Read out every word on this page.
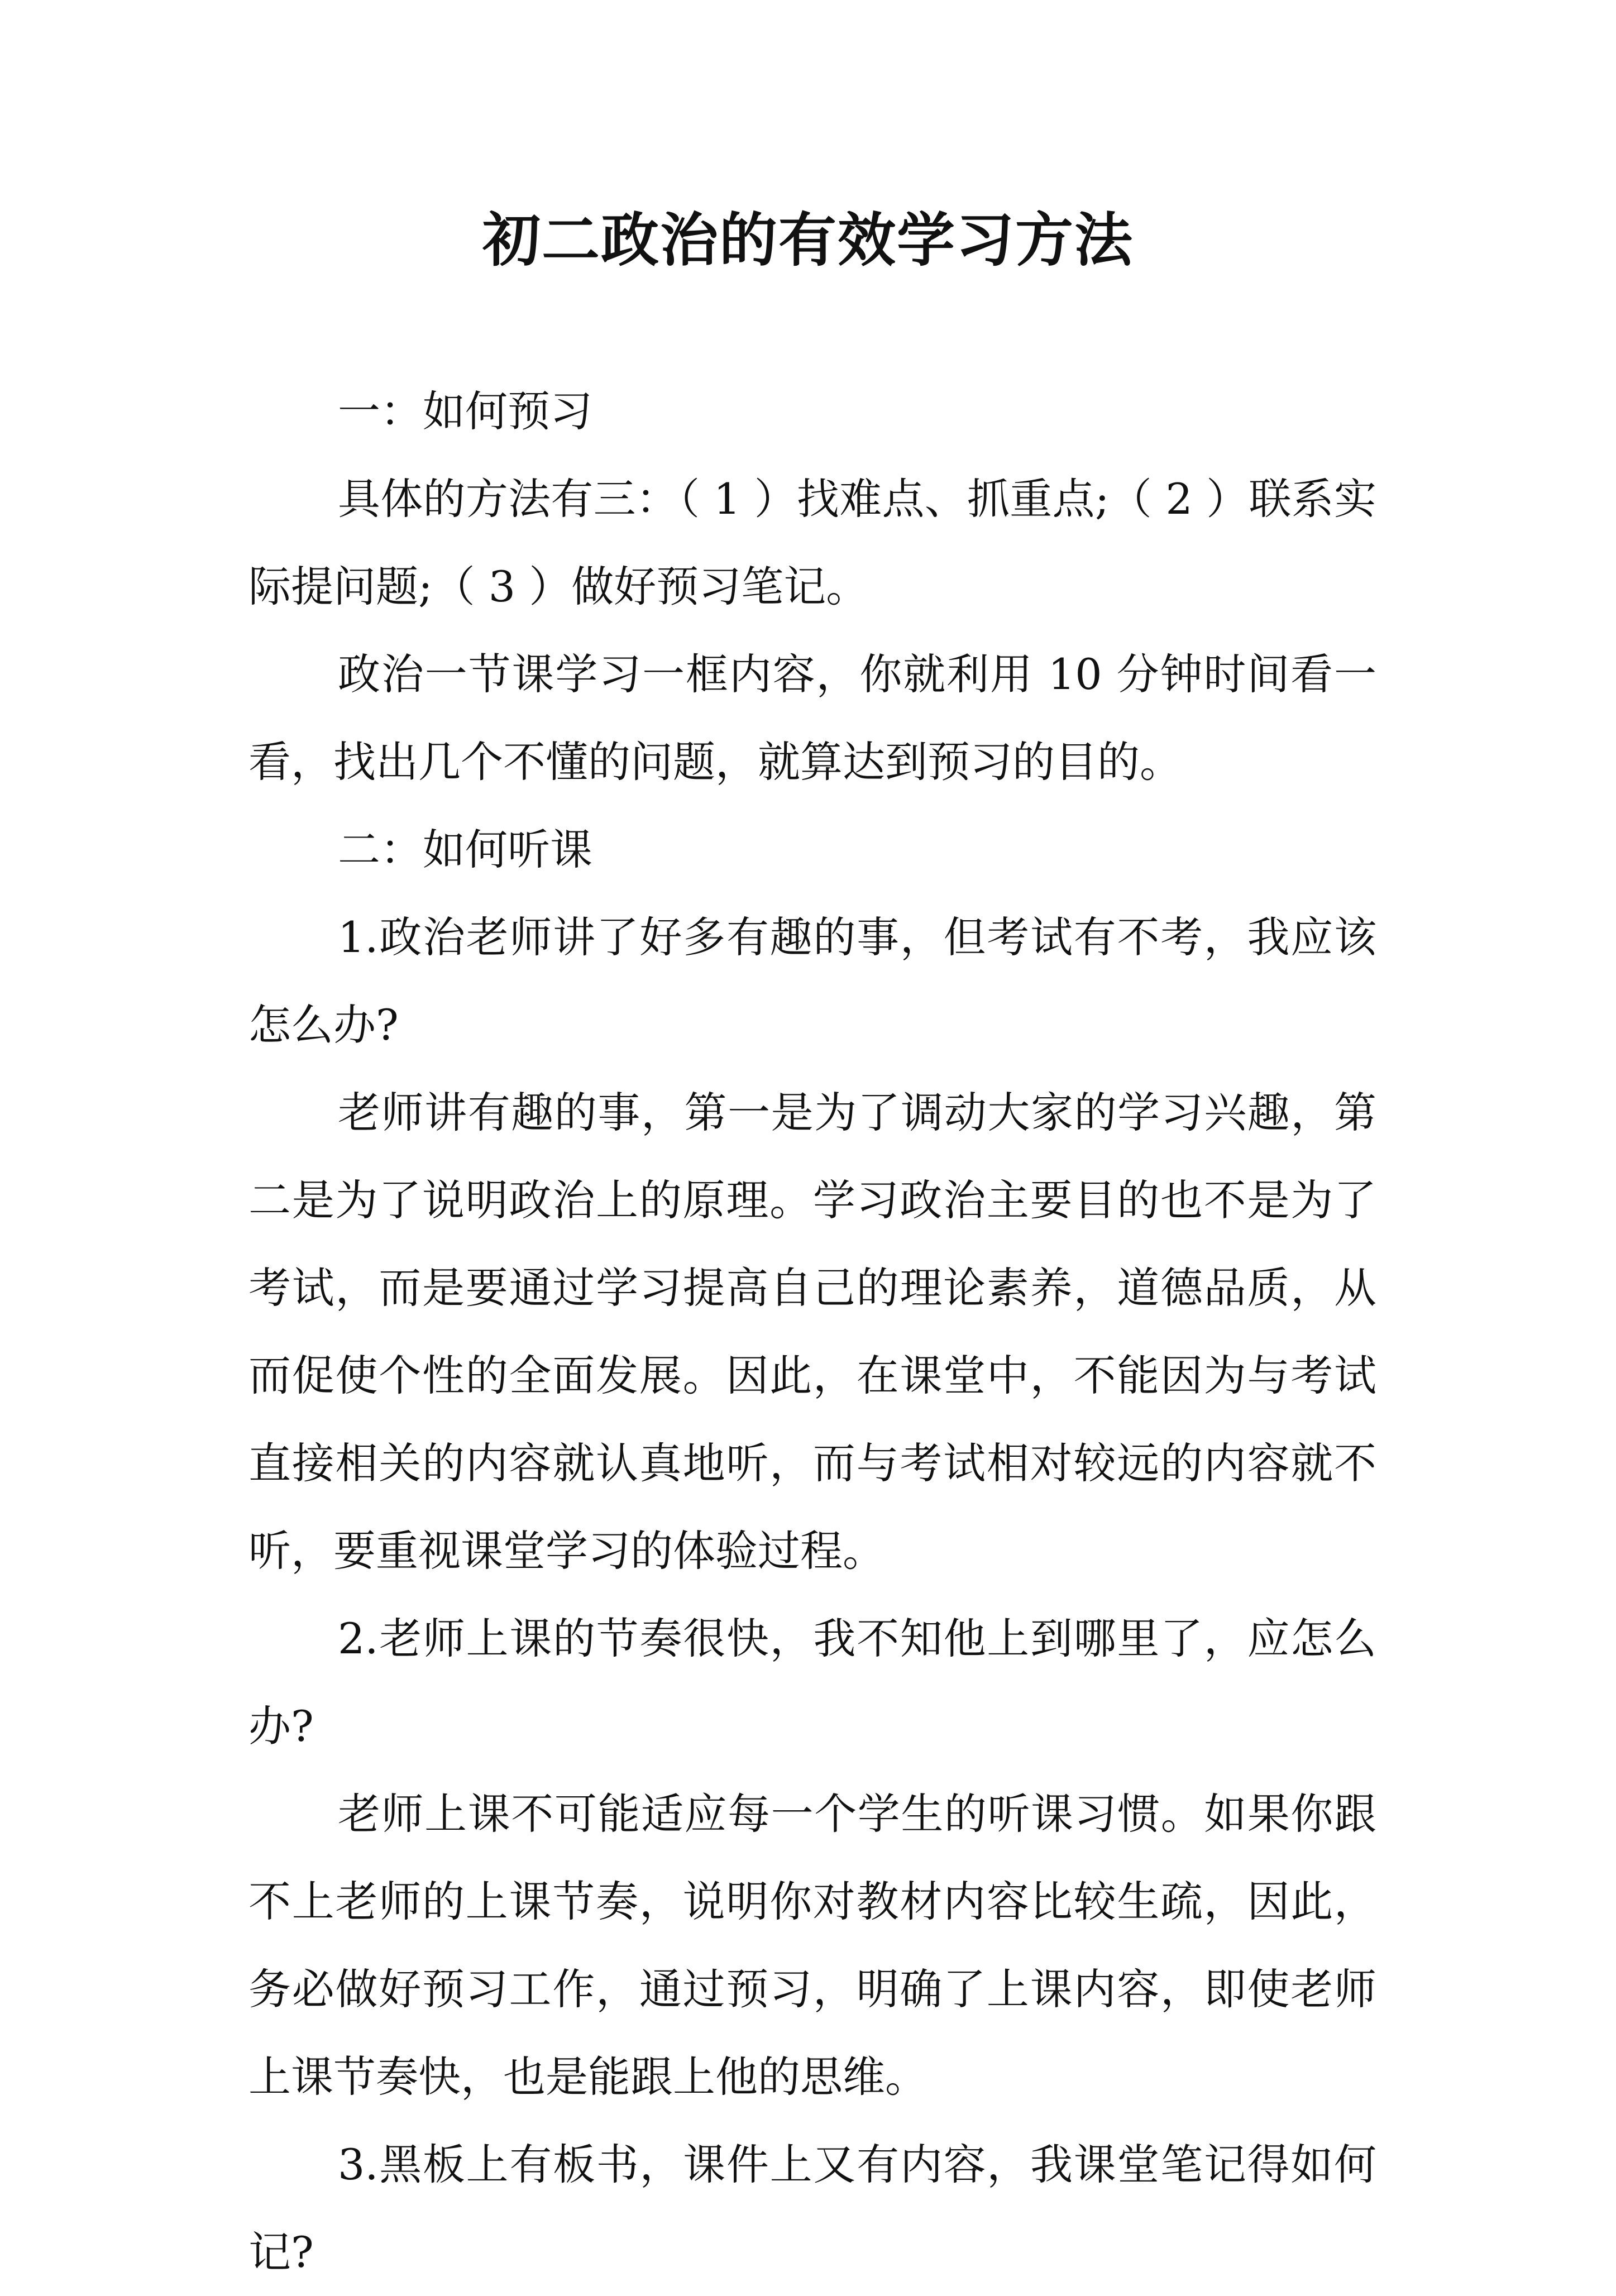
初二政治的有效学习方法

一：如何预习

具体的方法有三：（ 1 ）找难点、抓重点;（ 2 ）联系实际提问题;（ 3 ）做好预习笔记。

政治一节课学习一框内容，你就利用 10 分钟时间看一看，找出几个不懂的问题，就算达到预习的目的。

二：如何听课

1.政治老师讲了好多有趣的事，但考试有不考，我应该怎么办?

老师讲有趣的事，第一是为了调动大家的学习兴趣，第二是为了说明政治上的原理。学习政治主要目的也不是为了考试，而是要通过学习提高自己的理论素养，道德品质，从而促使个性的全面发展。因此，在课堂中，不能因为与考试直接相关的内容就认真地听，而与考试相对较远的内容就不听，要重视课堂学习的体验过程。

2.老师上课的节奏很快，我不知他上到哪里了，应怎么办?

老师上课不可能适应每一个学生的听课习惯。如果你跟不上老师的上课节奏，说明你对教材内容比较生疏，因此，务必做好预习工作，通过预习，明确了上课内容，即使老师上课节奏快，也是能跟上他的思维。

3.黑板上有板书，课件上又有内容，我课堂笔记得如何记?
